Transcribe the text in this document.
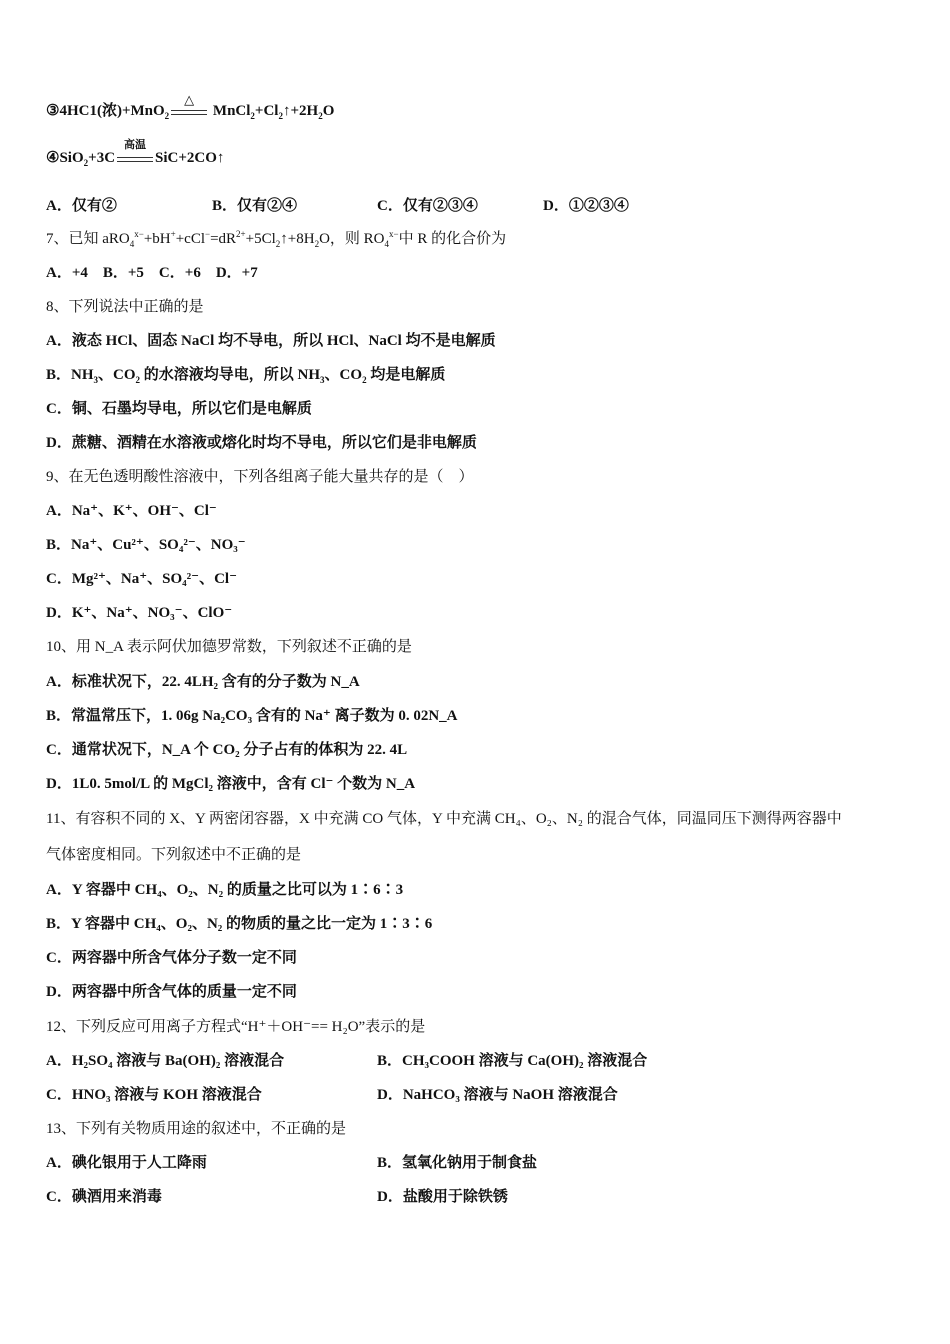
③4HC1(浓)+MnO$_2$
△
$MnCl_2+Cl_2↑+2H_2O$
④SiO$_2$+3C
高温
SiC+2CO↑
A．仅有②	B．仅有②④	C．仅有②③④	D．①②③④
7、已知 $aRO_4^{x-}+bH^++cCl^-=dR^{2+}+5Cl_2↑+8H_2O$，则 $RO_4^{x-}$中 R 的化合价为
A．+4　B．+5　C．+6　D．+7
8、下列说法中正确的是
A．液态 HCl、固态 NaCl 均不导电，所以 HCl、NaCl 均不是电解质
B．$NH_3$、$CO_2$ 的水溶液均导电，所以 $NH_3$、$CO_2$ 均是电解质
C．铜、石墨均导电，所以它们是电解质
D．蔗糖、酒精在水溶液或熔化时均不导电，所以它们是非电解质
9、在无色透明酸性溶液中，下列各组离子能大量共存的是（　）
A．Na⁺、K⁺、OH⁻、Cl⁻
B．Na⁺、Cu²⁺、SO₄²⁻、NO₃⁻
C．Mg²⁺、Na⁺、SO₄²⁻、Cl⁻
D．K⁺、Na⁺、NO₃⁻、ClO⁻
10、用 N_A 表示阿伏加德罗常数，下列叙述不正确的是
A．标准状况下，22. 4LH₂ 含有的分子数为 N_A
B．常温常压下，1. 06g Na₂CO₃ 含有的 Na⁺ 离子数为 0. 02N_A
C．通常状况下，N_A 个 CO₂ 分子占有的体积为 22. 4L
D．1L0. 5mol/L 的 MgCl₂ 溶液中，含有 Cl⁻ 个数为 N_A
11、有容积不同的 X、Y 两密闭容器，X 中充满 CO 气体，Y 中充满 CH₄、O₂、N₂ 的混合气体，同温同压下测得两容器中
气体密度相同。下列叙述中不正确的是
A．Y 容器中 CH₄、O₂、N₂ 的质量之比可以为 1∶6∶3
B．Y 容器中 CH₄、O₂、N₂ 的物质的量之比一定为 1∶3∶6
C．两容器中所含气体分子数一定不同
D．两容器中所含气体的质量一定不同
12、下列反应可用离子方程式“H⁺＋OH⁻== H₂O”表示的是
A．H₂SO₄ 溶液与 Ba(OH)₂ 溶液混合	B．CH₃COOH 溶液与 Ca(OH)₂ 溶液混合
C．HNO₃ 溶液与 KOH 溶液混合	D．NaHCO₃ 溶液与 NaOH 溶液混合
13、下列有关物质用途的叙述中，不正确的是
A．碘化银用于人工降雨	B．氢氧化钠用于制食盐
C．碘酒用来消毒	D．盐酸用于除铁锈
